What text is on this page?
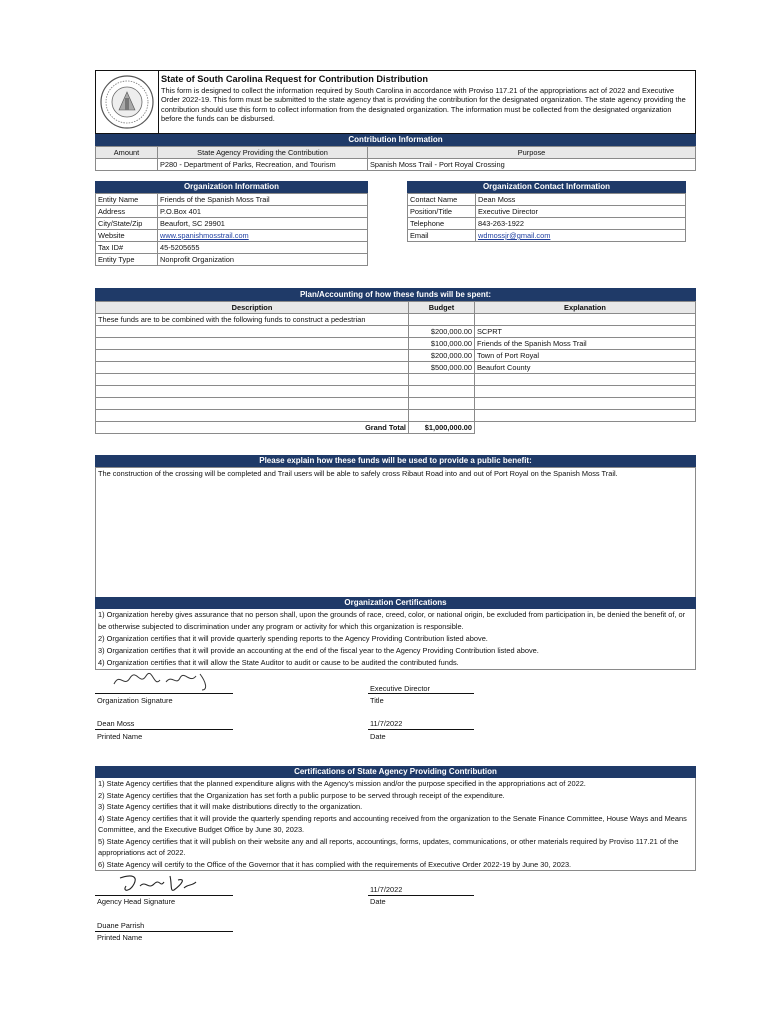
State of South Carolina Request for Contribution Distribution
This form is designed to collect the information required by South Carolina in accordance with Proviso 117.21 of the appropriations act of 2022 and Executive Order 2022-19. This form must be submitted to the state agency that is providing the contribution for the designated organization. The state agency providing the contribution should use this form to collect information from the designated organization. The information must be collected from the designated organization before the funds can be disbursed.
Contribution Information
Amount	State Agency Providing the Contribution	Purpose
	P280 - Department of Parks, Recreation, and Tourism	Spanish Moss Trail - Port Royal Crossing
Organization Information
Entity Name	Friends of the Spanish Moss Trail
Address	P.O.Box 401
City/State/Zip	Beaufort, SC 29901
Website	www.spanishmosstrail.com
Tax ID#	45-5205655
Entity Type	Nonprofit Organization
Organization Contact Information
Contact Name	Dean Moss
Position/Title	Executive Director
Telephone	843-263-1922
Email	wdmossjr@gmail.com
Plan/Accounting of how these funds will be spent:
Description	Budget	Explanation
These funds are to be combined with the following funds to construct a pedestrian		
	$200,000.00	SCPRT
	$100,000.00	Friends of the Spanish Moss Trail
	$200,000.00	Town of Port Royal
	$500,000.00	Beaufort County

Grand Total	$1,000,000.00	
Please explain how these funds will be used to provide a public benefit:
The construction of the crossing will be completed and Trail users will be able to safely cross Ribaut Road into and out of Port Royal on the Spanish Moss Trail.
Organization Certifications
1) Organization hereby gives assurance that no person shall, upon the grounds of race, creed, color, or national origin, be excluded from participation in, be denied the benefit of, or be otherwise subjected to discrimination under any program or activity for which this organization is responsible.
2) Organization certifies that it will provide quarterly spending reports to the Agency Providing Contribution listed above.
3) Organization certifies that it will provide an accounting at the end of the fiscal year to the Agency Providing Contribution listed above.
4) Organization certifies that it will allow the State Auditor to audit or cause to be audited the contributed funds.
Organization Signature
Executive Director
Title
Dean Moss
Printed Name
11/7/2022
Date
Certifications of State Agency Providing Contribution
1) State Agency certifies that the planned expenditure aligns with the Agency's mission and/or the purpose specified in the appropriations act of 2022.
2) State Agency certifies that the Organization has set forth a public purpose to be served through receipt of the expenditure.
3) State Agency certifies that it will make distributions directly to the organization.
4) State Agency certifies that it will provide the quarterly spending reports and accounting received from the organization to the Senate Finance Committee, House Ways and Means Committee, and the Executive Budget Office by June 30, 2023.
5) State Agency certifies that it will publish on their website any and all reports, accountings, forms, updates, communications, or other materials required by Proviso 117.21 of the appropriations act of 2022.
6) State Agency will certify to the Office of the Governor that it has complied with the requirements of Executive Order 2022-19 by June 30, 2023.
Agency Head Signature
11/7/2022
Date
Duane Parrish
Printed Name
